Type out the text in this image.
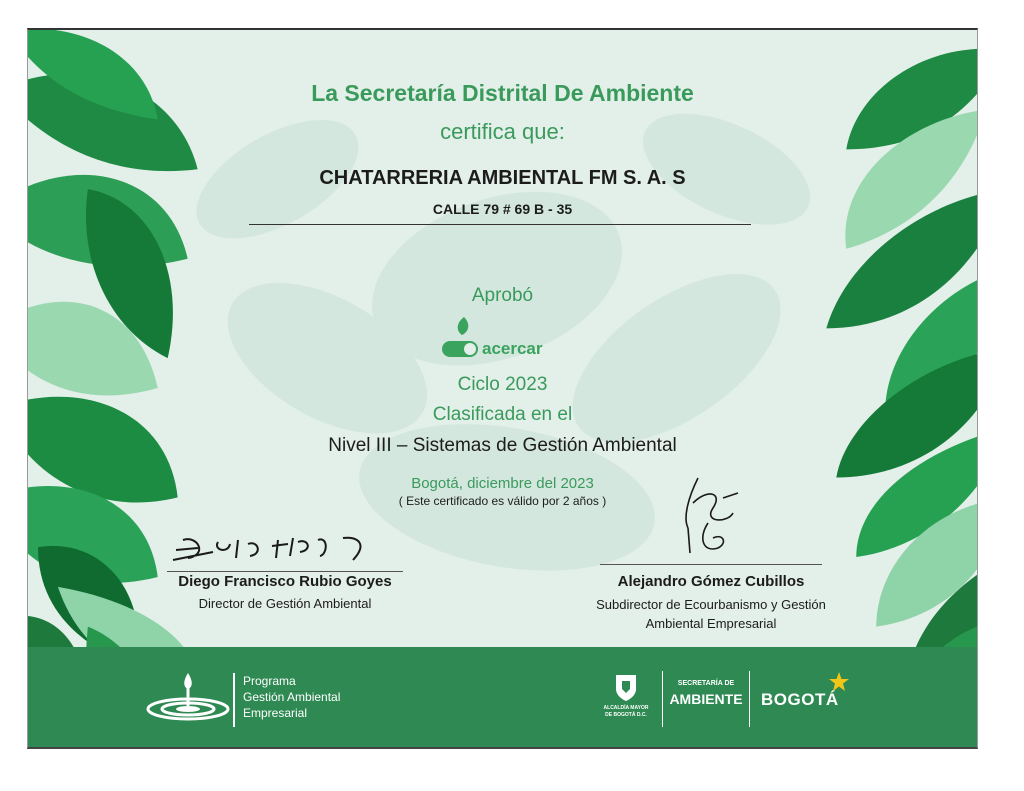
La Secretaría Distrital De Ambiente
certifica que:
CHATARRERIA AMBIENTAL FM S. A. S
CALLE 79 # 69 B - 35
Aprobó
acercar
Ciclo 2023
Clasificada en el
Nivel III – Sistemas de Gestión Ambiental
Bogotá, diciembre del 2023
( Este certificado es válido por 2 años )
Diego Francisco Rubio Goyes
Director de Gestión Ambiental
Alejandro Gómez Cubillos
Subdirector de Ecourbanismo y Gestión
Ambiental Empresarial
Programa
Gestión Ambiental
Empresarial	ALCALDÍA MAYOR
DE BOGOTÁ D.C.
SECRETARÍA DE
AMBIENTE BOGOTÁ
